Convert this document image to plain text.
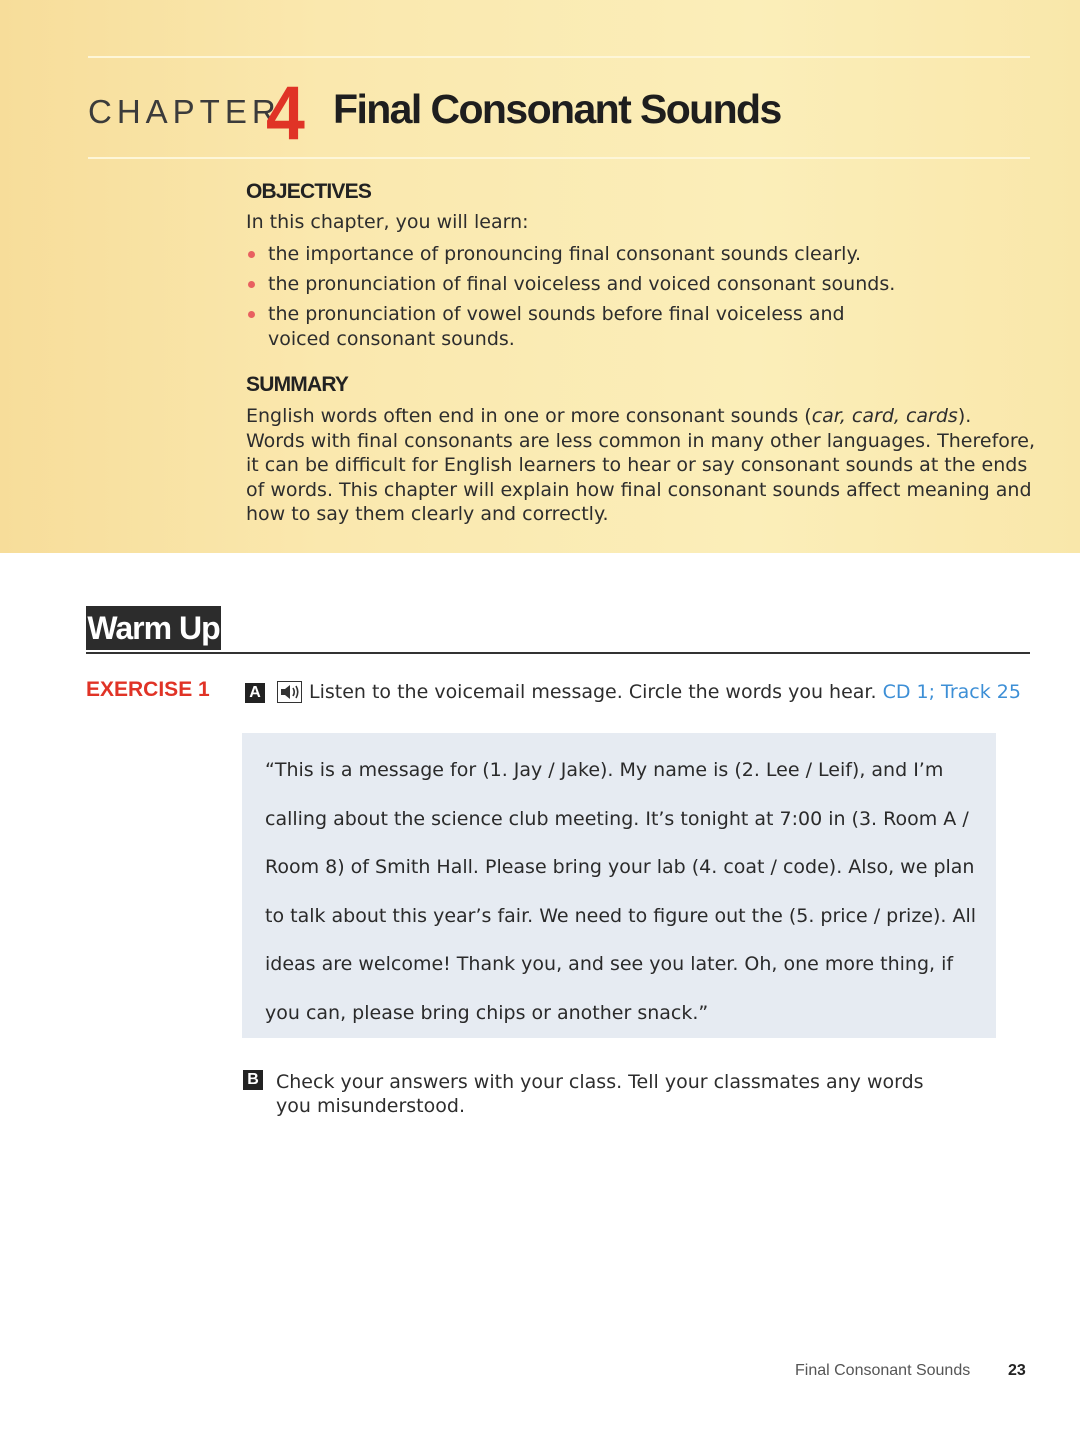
CHAPTER
4 Final Consonant Sounds
OBJECTIVES
In this chapter, you will learn:
the importance of pronouncing final consonant sounds clearly.
the pronunciation of final voiceless and voiced consonant sounds.
the pronunciation of vowel sounds before final voiceless and voiced consonant sounds.
SUMMARY

English words often end in one or more consonant sounds (car, card, cards). Words with final consonants are less common in many other languages. Therefore, it can be difficult for English learners to hear or say consonant sounds at the ends of words. This chapter will explain how final consonant sounds affect meaning and how to say them clearly and correctly.

Warm Up
EXERCISE 1 A	Listen to the voicemail message. Circle the words you hear. CD 1; Track 25

“This is a message for (1. Jay / Jake). My name is (2. Lee / Leif), and I’m calling about the science club meeting. It’s tonight at 7:00 in (3. Room A / Room 8) of Smith Hall. Please bring your lab (4. coat / code). Also, we plan to talk about this year’s fair. We need to figure out the (5. price / prize). All ideas are welcome! Thank you, and see you later. Oh, one more thing, if you can, please bring chips or another snack.”

B Check your answers with your class. Tell your classmates any words you misunderstood.

Final Consonant Sounds 23
